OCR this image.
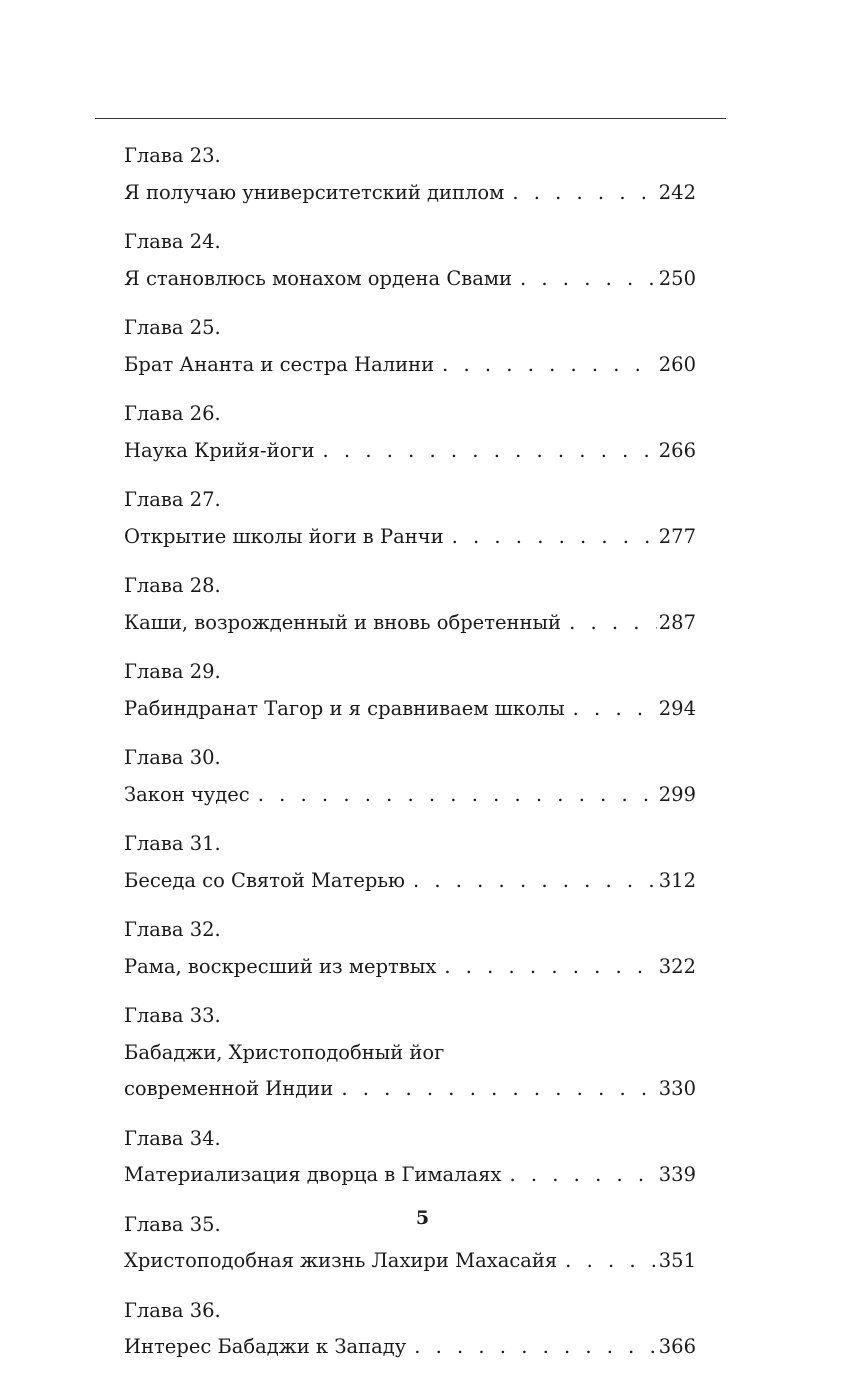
Глава 23.
Я получаю университетский диплом . . .	242
Глава 24.
Я становлюсь монахом ордена Свами . . .	250
Глава 25.
Брат Ананта и сестра Налини . . .	260
Глава 26.
Наука Крийя-йоги . . .	266
Глава 27.
Открытие школы йоги в Ранчи . . .	277
Глава 28.
Каши, возрожденный и вновь обретенный . . .	287
Глава 29.
Рабиндранат Тагор и я сравниваем школы . . .	294
Глава 30.
Закон чудес . . .	299
Глава 31.
Беседа со Святой Матерью . . .	312
Глава 32.
Рама, воскресший из мертвых . . .	322
Глава 33.
Бабаджи, Христоподобный йог
современной Индии . . .	330
Глава 34.
Материализация дворца в Гималаях . . .	339
Глава 35.
Христоподобная жизнь Лахири Махасайя . . .	351
Глава 36.
Интерес Бабаджи к Западу . . .	366
5
